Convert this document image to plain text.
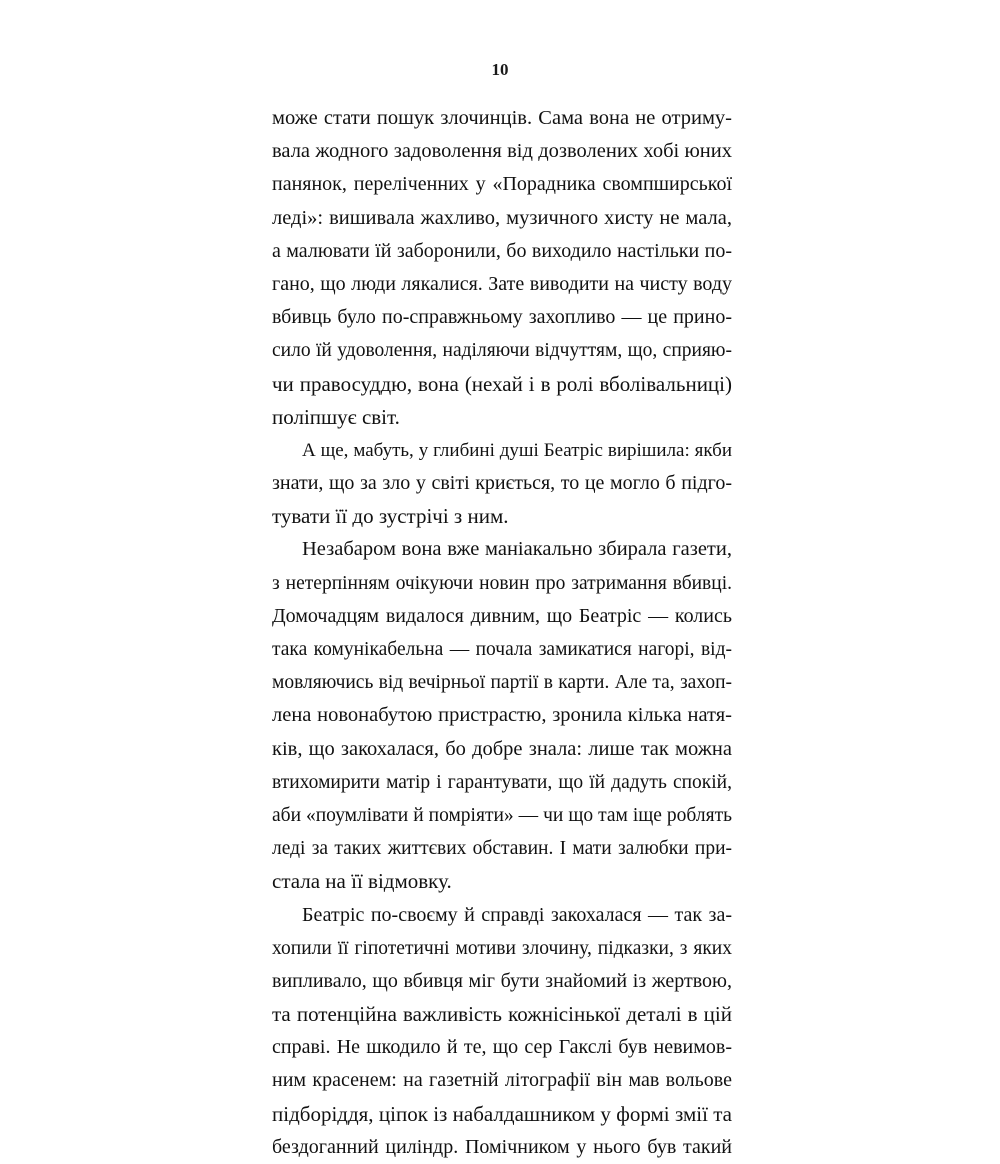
10
може стати пошук злочинців. Сама вона не отриму-
вала жодного задоволення від дозволених хобі юних
панянок, переліченних у «Порадника свомпширської
леді»: вишивала жахливо, музичного хисту не мала,
а малювати їй заборонили, бо виходило настільки по-
гано, що люди лякалися. Зате виводити на чисту воду
вбивць було по-справжньому захопливо — це прино-
сило їй удоволення, наділяючи відчуттям, що, сприяю-
чи правосуддю, вона (нехай і в ролі вболівальниці)
поліпшує світ.
А ще, мабуть, у глибині душі Беатріс вирішила: якби
знати, що за зло у світі криється, то це могло б підго-
тувати її до зустрічі з ним.
Незабаром вона вже маніакально збирала газети,
з нетерпінням очікуючи новин про затримання вбивці.
Домочадцям видалося дивним, що Беатріс — колись
така комунікабельна — почала замикатися нагорі, від-
мовляючись від вечірньої партії в карти. Але та, захоп-
лена новонабутою пристрастю, зронила кілька натя-
ків, що закохалася, бо добре знала: лише так можна
втихомирити матір і гарантувати, що їй дадуть спокій,
аби «поумлівати й помріяти» — чи що там іще роблять
леді за таких життєвих обставин. І мати залюбки при-
стала на її відмовку.
Беатріс по-своєму й справді закохалася — так за-
хопили її гіпотетичні мотиви злочину, підказки, з яких
випливало, що вбивця міг бути знайомий із жертвою,
та потенційна важливість кожнісінької деталі в цій
справі. Не шкодило й те, що сер Гакслі був невимов-
ним красенем: на газетній літографії він мав вольове
підборіддя, ціпок із набалдашником у формі змії та
бездоганний циліндр. Помічником у нього був такий
